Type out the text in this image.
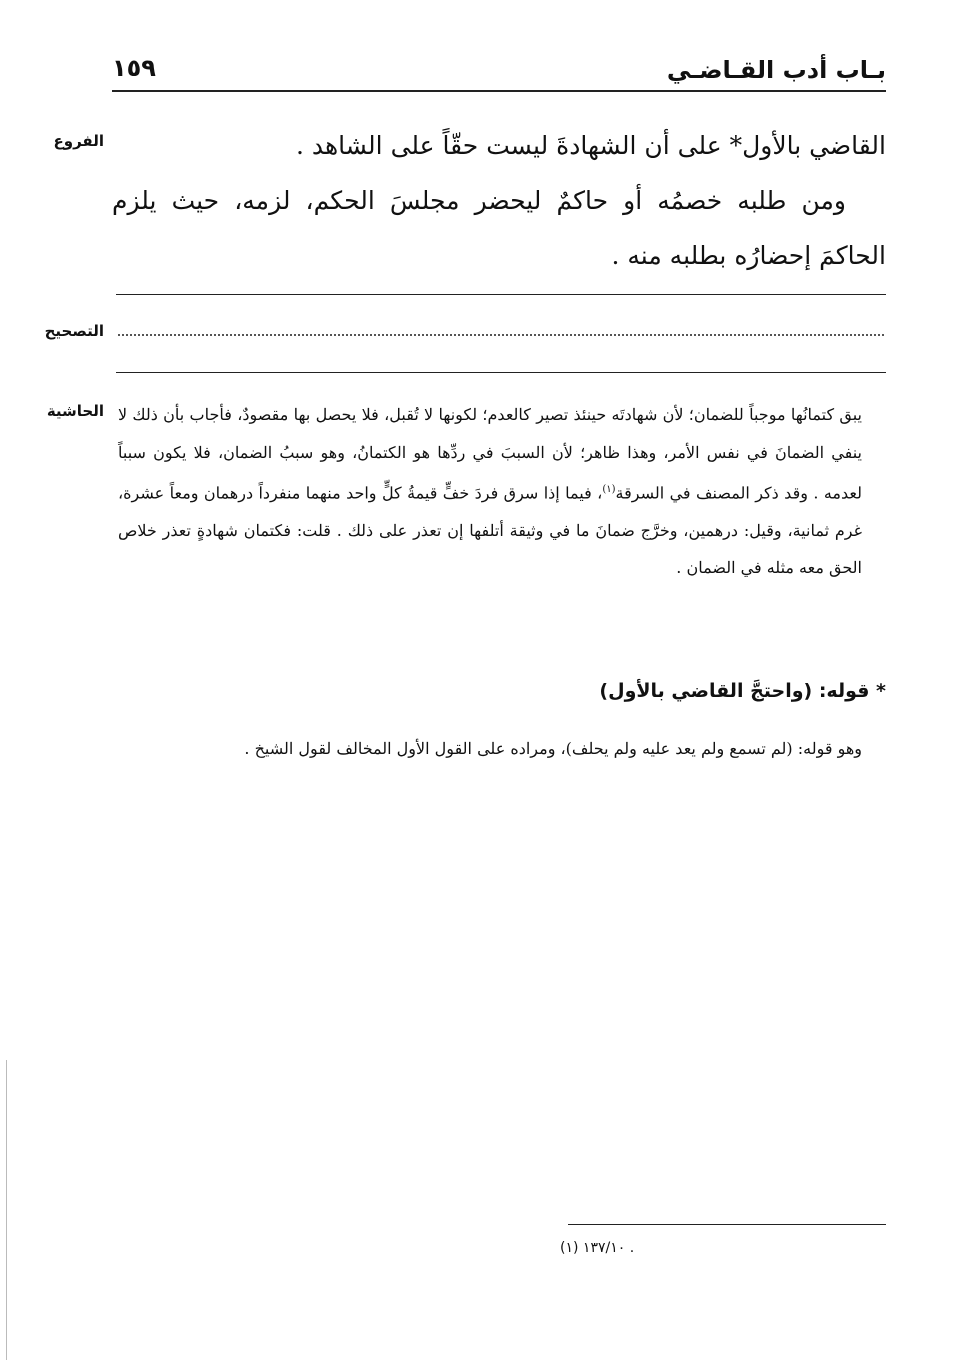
بـاب أدب القـاضـي
١٥٩
الفروع	القاضي بالأول* على أن الشهادةَ ليست حقّاً على الشاهد .

ومن طلبه خصمُه أو حاكمٌ ليحضر مجلسَ الحكم، لزمه، حيث يلزم الحاكمَ إحضارُه بطلبه منه .

التصحيح
الحاشية يبق كتمانُها موجباً للضمان؛ لأن شهادتَه حينئذ تصير كالعدم؛ لكونها لا تُقبل، فلا يحصل بها مقصودٌ، فأجاب بأن ذلك لا ينفي الضمانَ في نفس الأمر، وهذا ظاهر؛ لأن السببَ في ردِّها هو الكتمانُ، وهو سببُ الضمان، فلا يكون سبباً لعدمه . وقد ذكر المصنف في السرقة$^{(١)}$، فيما إذا سرق فردَ خفٍّ قيمةُ كلٍّ واحد منهما منفرداً درهمان ومعاً عشرة، غرم ثمانية، وقيل: درهمين، وخرَّج ضمانَ ما في وثيقة أتلفها إن تعذر على ذلك . قلت: فكتمان شهادةٍ تعذر خلاص الحق معه مثله في الضمان .

* قوله: (واحتجَّ القاضي بالأول)
وهو قوله: (لم تسمع ولم يعد عليه ولم يحلف)، ومراده على القول الأول المخالف لقول الشيخ .
(١) ١٣٧/١٠ .
